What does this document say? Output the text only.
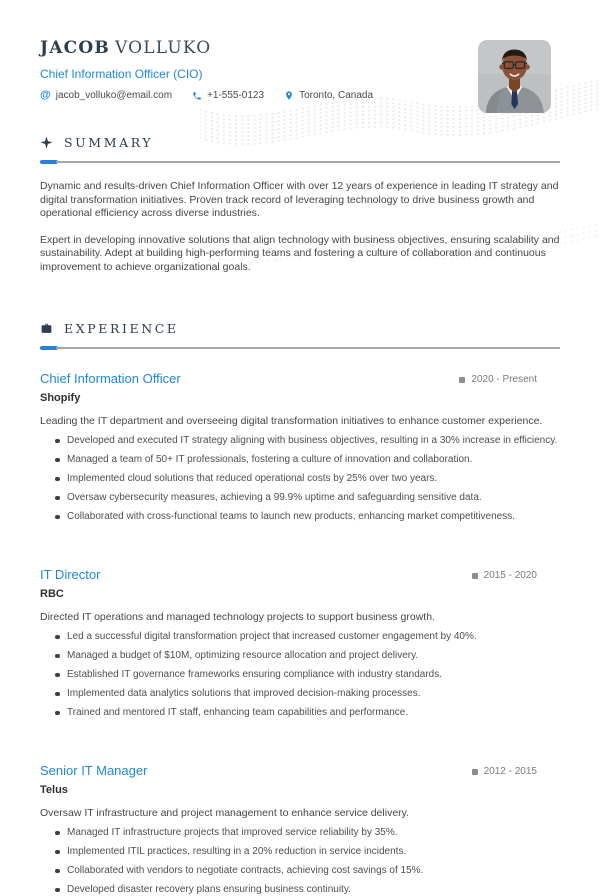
JACOB VOLLUKO
Chief Information Officer (CIO)
@ jacob_volluko@email.com	+1-555-0123	Toronto, Canada
SUMMARY

Dynamic and results-driven Chief Information Officer with over 12 years of experience in leading IT strategy and digital transformation initiatives. Proven track record of leveraging technology to drive business growth and operational efficiency across diverse industries.

Expert in developing innovative solutions that align technology with business objectives, ensuring scalability and sustainability. Adept at building high-performing teams and fostering a culture of collaboration and continuous improvement to achieve organizational goals.

EXPERIENCE
Chief Information Officer	2020 - Present
Shopify

Leading the IT department and overseeing digital transformation initiatives to enhance customer experience.

Developed and executed IT strategy aligning with business objectives, resulting in a 30% increase in efficiency.
Managed a team of 50+ IT professionals, fostering a culture of innovation and collaboration.
Implemented cloud solutions that reduced operational costs by 25% over two years.
Oversaw cybersecurity measures, achieving a 99.9% uptime and safeguarding sensitive data.
Collaborated with cross-functional teams to launch new products, enhancing market competitiveness.
IT Director	2015 - 2020
RBC

Directed IT operations and managed technology projects to support business growth.

Led a successful digital transformation project that increased customer engagement by 40%.
Managed a budget of $10M, optimizing resource allocation and project delivery.
Established IT governance frameworks ensuring compliance with industry standards.
Implemented data analytics solutions that improved decision-making processes.
Trained and mentored IT staff, enhancing team capabilities and performance.
Senior IT Manager	2012 - 2015
Telus

Oversaw IT infrastructure and project management to enhance service delivery.

Managed IT infrastructure projects that improved service reliability by 35%.
Implemented ITIL practices, resulting in a 20% reduction in service incidents.
Collaborated with vendors to negotiate contracts, achieving cost savings of 15%.
Developed disaster recovery plans ensuring business continuity.
